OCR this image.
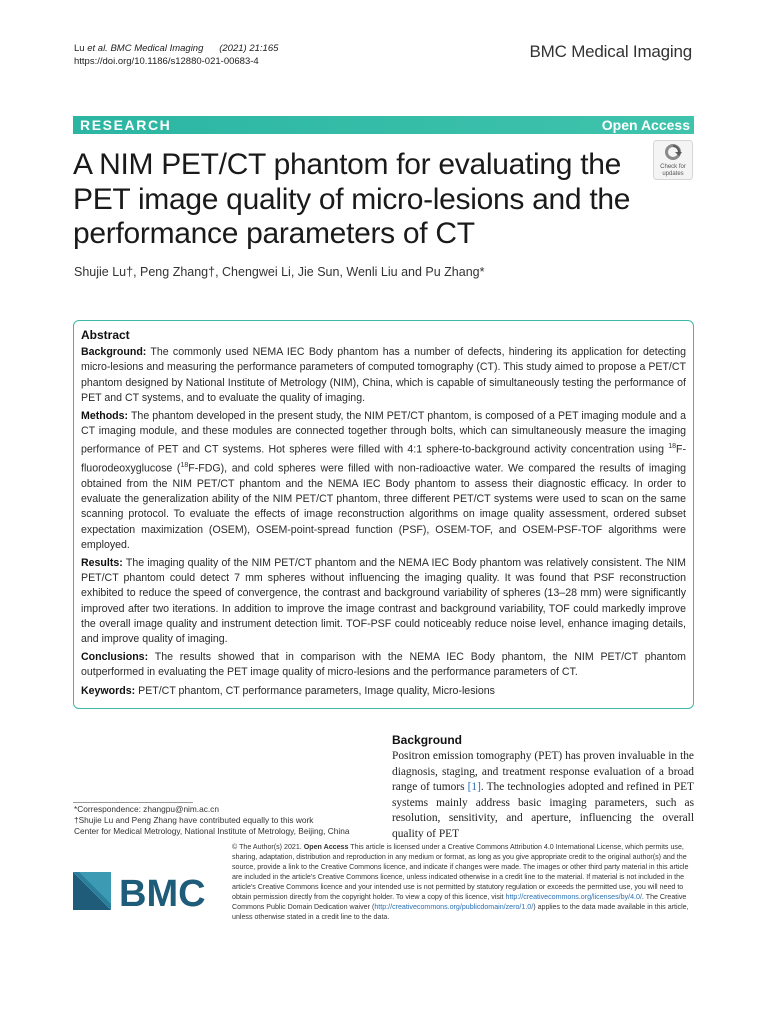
Lu et al. BMC Medical Imaging (2021) 21:165
https://doi.org/10.1186/s12880-021-00683-4
BMC Medical Imaging
RESEARCH	Open Access
A NIM PET/CT phantom for evaluating the PET image quality of micro-lesions and the performance parameters of CT
Check for
updates
Shujie Lu†, Peng Zhang†, Chengwei Li, Jie Sun, Wenli Liu and Pu Zhang*
Abstract

Background: The commonly used NEMA IEC Body phantom has a number of defects, hindering its application for detecting micro-lesions and measuring the performance parameters of computed tomography (CT). This study aimed to propose a PET/CT phantom designed by National Institute of Metrology (NIM), China, which is capable of simultaneously testing the performance of PET and CT systems, and to evaluate the quality of imaging.

Methods: The phantom developed in the present study, the NIM PET/CT phantom, is composed of a PET imaging module and a CT imaging module, and these modules are connected together through bolts, which can simultaneously measure the imaging performance of PET and CT systems. Hot spheres were filled with 4:1 sphere-to-background activity concentration using $^{18}$F-fluorodeoxyglucose ($^{18}$F-FDG), and cold spheres were filled with non-radioactive water. We compared the results of imaging obtained from the NIM PET/CT phantom and the NEMA IEC Body phantom to assess their diagnostic efficacy. In order to evaluate the generalization ability of the NIM PET/CT phantom, three different PET/CT systems were used to scan on the same scanning protocol. To evaluate the effects of image reconstruction algorithms on image quality assessment, ordered subset expectation maximization (OSEM), OSEM-point-spread function (PSF), OSEM-TOF, and OSEM-PSF-TOF algorithms were employed.

Results: The imaging quality of the NIM PET/CT phantom and the NEMA IEC Body phantom was relatively consistent. The NIM PET/CT phantom could detect 7 mm spheres without influencing the imaging quality. It was found that PSF reconstruction exhibited to reduce the speed of convergence, the contrast and background variability of spheres (13–28 mm) were significantly improved after two iterations. In addition to improve the image contrast and background variability, TOF could markedly improve the overall image quality and instrument detection limit. TOF-PSF could noticeably reduce noise level, enhance imaging details, and improve quality of imaging.

Conclusions: The results showed that in comparison with the NEMA IEC Body phantom, the NIM PET/CT phantom outperformed in evaluating the PET image quality of micro-lesions and the performance parameters of CT.

Keywords: PET/CT phantom, CT performance parameters, Image quality, Micro-lesions

Background
Positron emission tomography (PET) has proven invaluable in the diagnosis, staging, and treatment response evaluation of a broad range of tumors [1]. The technologies adopted and refined in PET systems mainly address basic imaging parameters, such as resolution, sensitivity, and aperture, influencing the overall quality of PET
*Correspondence: zhangpu@nim.ac.cn
†Shujie Lu and Peng Zhang have contributed equally to this work
Center for Medical Metrology, National Institute of Metrology, Beijing, China
BMC
© The Author(s) 2021. Open Access This article is licensed under a Creative Commons Attribution 4.0 International License, which permits use, sharing, adaptation, distribution and reproduction in any medium or format, as long as you give appropriate credit to the original author(s) and the source, provide a link to the Creative Commons licence, and indicate if changes were made. The images or other third party material in this article are included in the article's Creative Commons licence, unless indicated otherwise in a credit line to the material. If material is not included in the article's Creative Commons licence and your intended use is not permitted by statutory regulation or exceeds the permitted use, you will need to obtain permission directly from the copyright holder. To view a copy of this licence, visit http://creativecommons.org/licenses/by/4.0/. The Creative Commons Public Domain Dedication waiver (http://creativecommons.org/publicdomain/zero/1.0/) applies to the data made available in this article, unless otherwise stated in a credit line to the data.
